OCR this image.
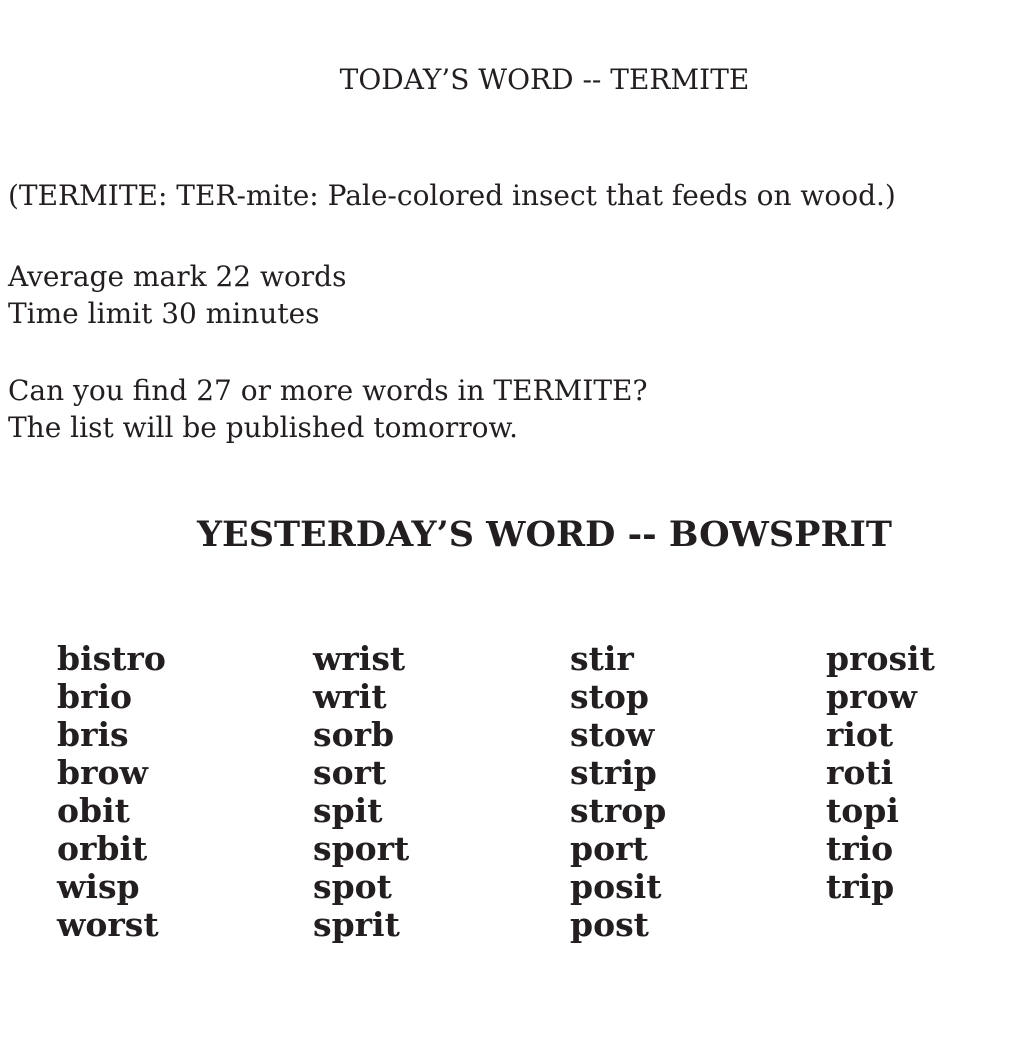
TODAY’S WORD -- TERMITE
(TERMITE: TER-mite: Pale-colored insect that feeds on wood.)
Average mark 22 words
Time limit 30 minutes
Can you find 27 or more words in TERMITE?
The list will be published tomorrow.
YESTERDAY’S WORD -- BOWSPRIT
bistro
brio
bris
brow
obit
orbit
wisp
worst
wrist
writ
sorb
sort
spit
sport
spot
sprit
stir
stop
stow
strip
strop
port
posit
post
prosit
prow
riot
roti
topi
trio
trip
